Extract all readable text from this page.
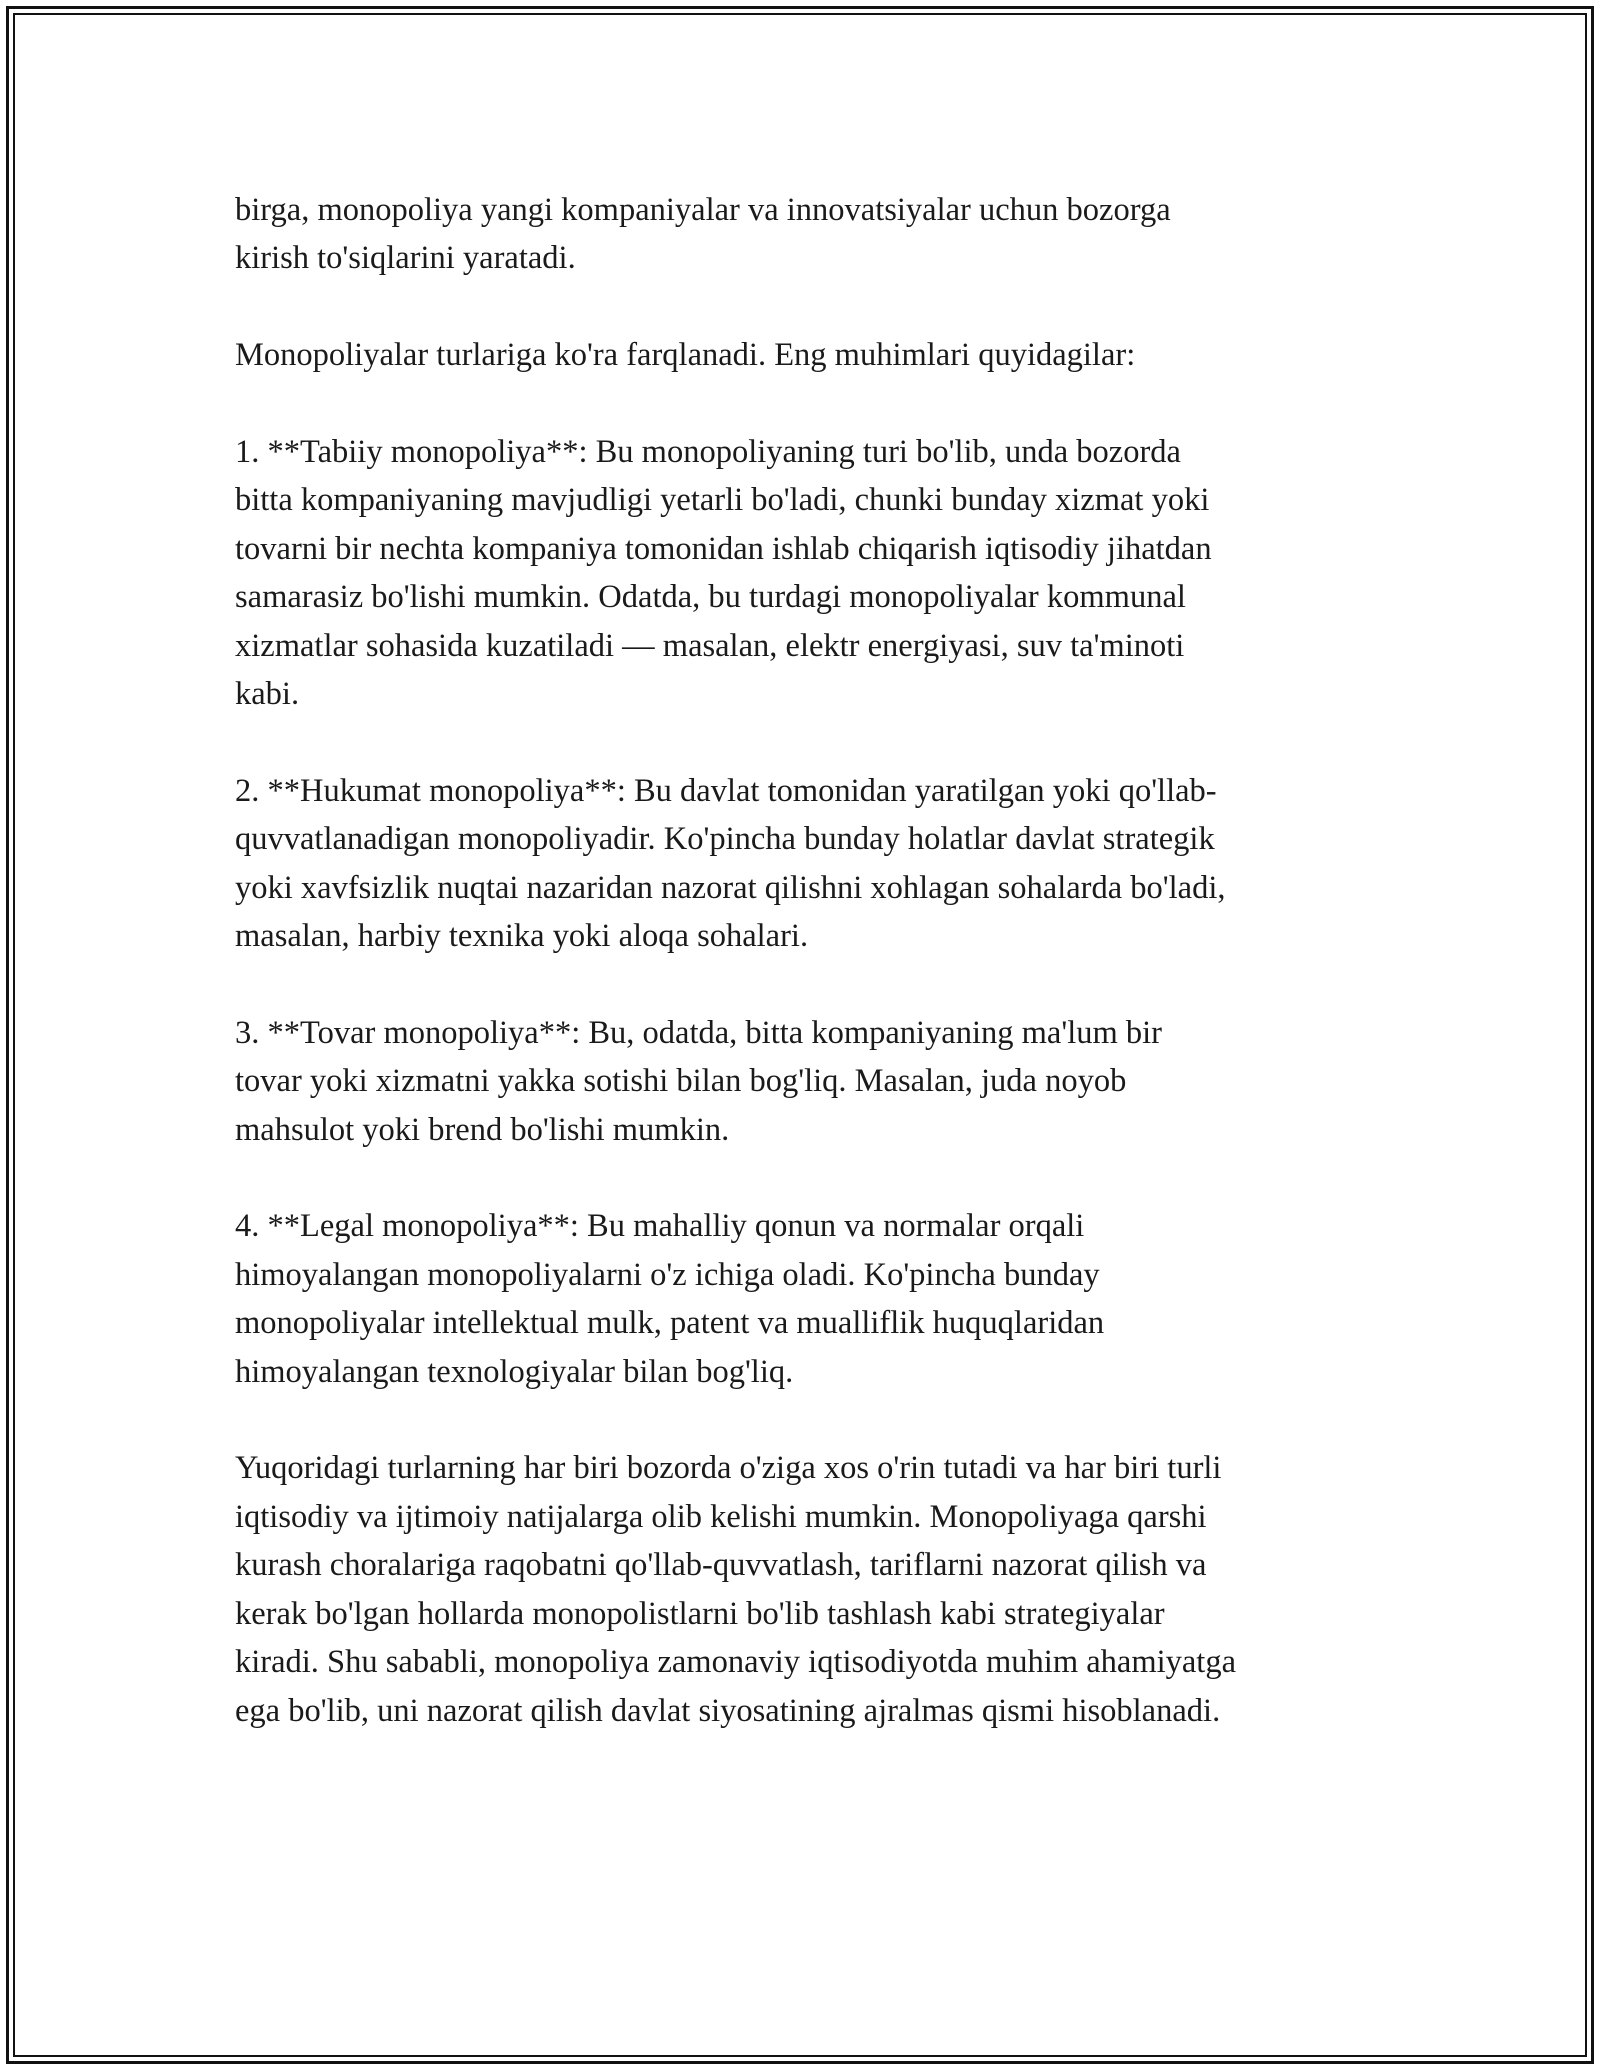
birga, monopoliya yangi kompaniyalar va innovatsiyalar uchun bozorga
kirish to'siqlarini yaratadi.

Monopoliyalar turlariga ko'ra farqlanadi. Eng muhimlari quyidagilar:

1. **Tabiiy monopoliya**: Bu monopoliyaning turi bo'lib, unda bozorda
bitta kompaniyaning mavjudligi yetarli bo'ladi, chunki bunday xizmat yoki
tovarni bir nechta kompaniya tomonidan ishlab chiqarish iqtisodiy jihatdan
samarasiz bo'lishi mumkin. Odatda, bu turdagi monopoliyalar kommunal
xizmatlar sohasida kuzatiladi — masalan, elektr energiyasi, suv ta'minoti
kabi.

2. **Hukumat monopoliya**: Bu davlat tomonidan yaratilgan yoki qo'llab-
quvvatlanadigan monopoliyadir. Ko'pincha bunday holatlar davlat strategik
yoki xavfsizlik nuqtai nazaridan nazorat qilishni xohlagan sohalarda bo'ladi,
masalan, harbiy texnika yoki aloqa sohalari.

3. **Tovar monopoliya**: Bu, odatda, bitta kompaniyaning ma'lum bir
tovar yoki xizmatni yakka sotishi bilan bog'liq. Masalan, juda noyob
mahsulot yoki brend bo'lishi mumkin.

4. **Legal monopoliya**: Bu mahalliy qonun va normalar orqali
himoyalangan monopoliyalarni o'z ichiga oladi. Ko'pincha bunday
monopoliyalar intellektual mulk, patent va mualliflik huquqlaridan
himoyalangan texnologiyalar bilan bog'liq.

Yuqoridagi turlarning har biri bozorda o'ziga xos o'rin tutadi va har biri turli
iqtisodiy va ijtimoiy natijalarga olib kelishi mumkin. Monopoliyaga qarshi
kurash choralariga raqobatni qo'llab-quvvatlash, tariflarni nazorat qilish va
kerak bo'lgan hollarda monopolistlarni bo'lib tashlash kabi strategiyalar
kiradi. Shu sababli, monopoliya zamonaviy iqtisodiyotda muhim ahamiyatga
ega bo'lib, uni nazorat qilish davlat siyosatining ajralmas qismi hisoblanadi.
